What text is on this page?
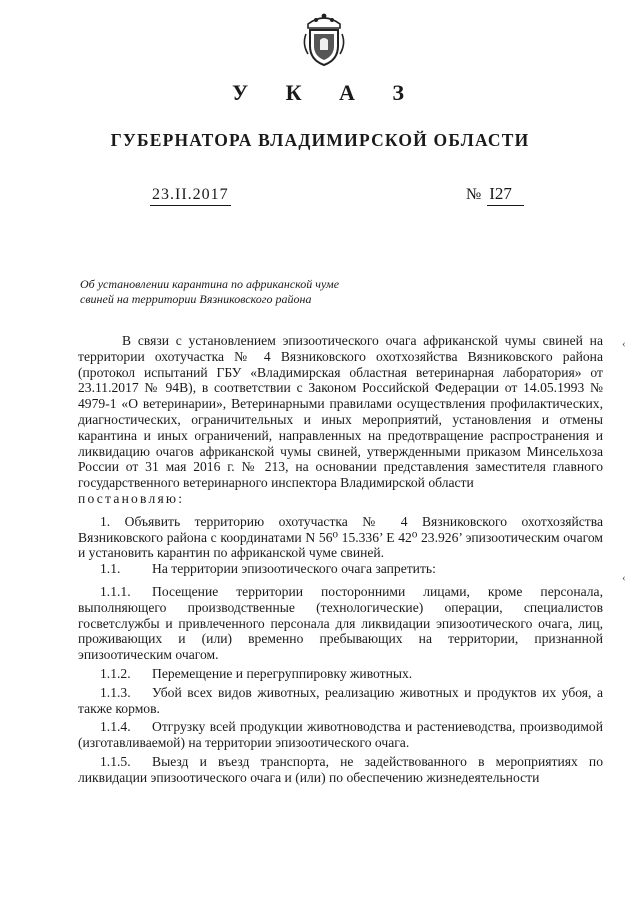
У К А З
ГУБЕРНАТОРА ВЛАДИМИРСКОЙ ОБЛАСТИ
23.II.2017	№ I27
Об установлении карантина по африканской чуме
свиней на территории Вязниковского района

В связи с установлением эпизоотического очага африканской чумы свиней на территории охотучастка № 4 Вязниковского охотхозяйства Вязниковского района (протокол испытаний ГБУ «Владимирская областная ветеринарная лаборатория» от 23.11.2017 № 94В), в соответствии с Законом Российской Федерации от 14.05.1993 № 4979-1 «О ветеринарии», Ветеринарными правилами осуществления профилактических, диагностических, ограничительных и иных мероприятий, установления и отмены карантина и иных ограничений, направленных на предотвращение распространения и ликвидацию очагов африканской чумы свиней, утвержденными приказом Минсельхоза России от 31 мая 2016 г. № 213, на основании представления заместителя главного государственного ветеринарного инспектора Владимирской области

постановляю:

1. Объявить территорию охотучастка № 4 Вязниковского охотхозяйства Вязниковского района с координатами N 56⁰ 15.336’ E 42⁰ 23.926’ эпизоотическим очагом и установить карантин по африканской чуме свиней.

1.1. На территории эпизоотического очага запретить:

1.1.1. Посещение территории посторонними лицами, кроме персонала, выполняющего производственные (технологические) операции, специалистов госветслужбы и привлеченного персонала для ликвидации эпизоотического очага, лиц, проживающих и (или) временно пребывающих на территории, признанной эпизоотическим очагом.

1.1.2. Перемещение и перегруппировку животных.

1.1.3. Убой всех видов животных, реализацию животных и продуктов их убоя, а также кормов.

1.1.4. Отгрузку всей продукции животноводства и растениеводства, производимой (изготавливаемой) на территории эпизоотического очага.

1.1.5. Выезд и въезд транспорта, не задействованного в мероприятиях по ликвидации эпизоотического очага и (или) по обеспечению жизнедеятельности

‹
‹
